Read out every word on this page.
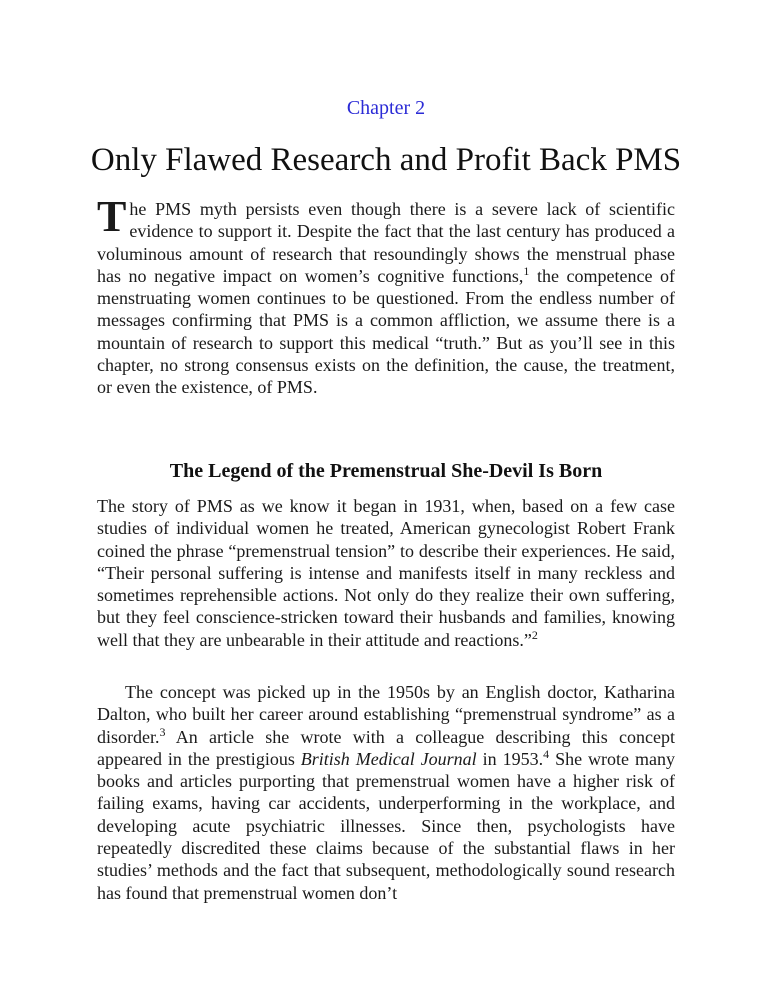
Chapter 2
Only Flawed Research and Profit Back PMS

The PMS myth persists even though there is a severe lack of scientific evidence to support it. Despite the fact that the last century has produced a voluminous amount of research that resoundingly shows the menstrual phase has no negative impact on women’s cognitive functions,$^1$ the competence of menstruating women continues to be questioned. From the endless number of messages confirming that PMS is a common affliction, we assume there is a mountain of research to support this medical “truth.” But as you’ll see in this chapter, no strong consensus exists on the definition, the cause, the treatment, or even the existence, of PMS.

The Legend of the Premenstrual She-Devil Is Born

The story of PMS as we know it began in 1931, when, based on a few case studies of individual women he treated, American gynecologist Robert Frank coined the phrase “premenstrual tension” to describe their experiences. He said, “Their personal suffering is intense and manifests itself in many reckless and sometimes reprehensible actions. Not only do they realize their own suffering, but they feel conscience-stricken toward their husbands and families, knowing well that they are unbearable in their attitude and reactions.”$^2$

The concept was picked up in the 1950s by an English doctor, Katharina Dalton, who built her career around establishing “premenstrual syndrome” as a disorder.$^3$ An article she wrote with a colleague describing this concept appeared in the prestigious British Medical Journal in 1953.$^4$ She wrote many books and articles purporting that premenstrual women have a higher risk of failing exams, having car accidents, underperforming in the workplace, and developing acute psychiatric illnesses. Since then, psychologists have repeatedly discredited these claims because of the substantial flaws in her studies’ methods and the fact that subsequent, methodologically sound research has found that premenstrual women don’t
